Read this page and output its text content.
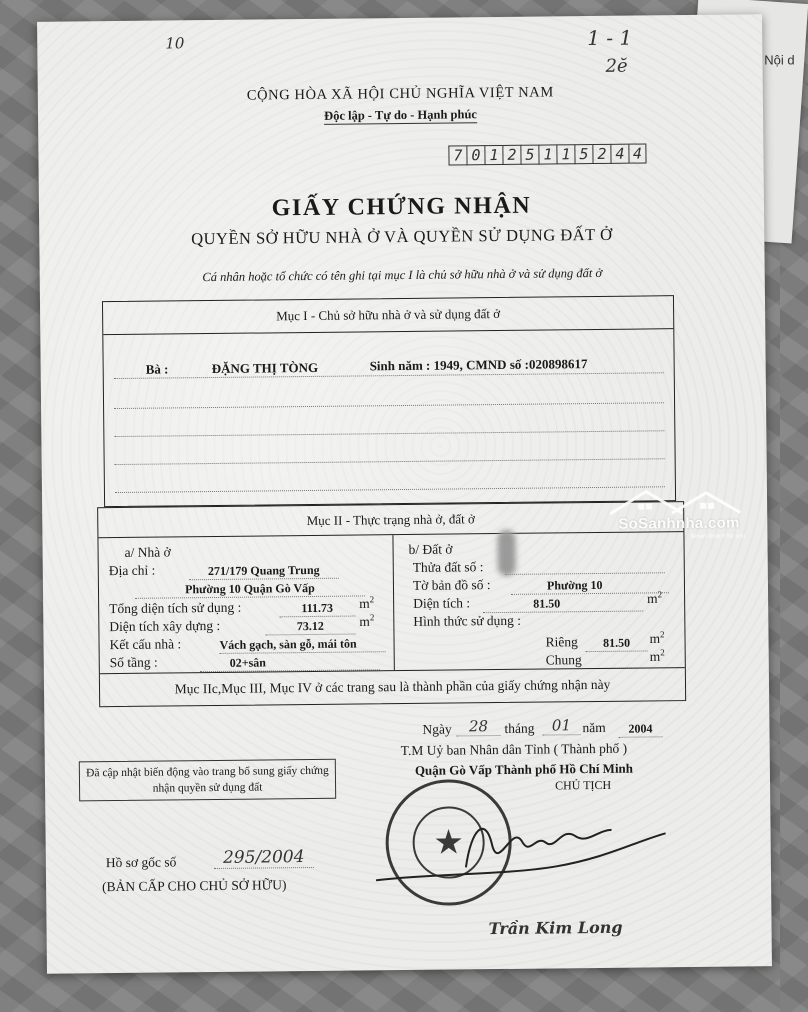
Nội d
10	1 - 1
2ĕ
CỘNG HÒA XÃ HỘI CHỦ NGHĨA VIỆT NAM
Độc lập - Tự do - Hạnh phúc
7 0 1 2 5 1 1 5 2 4 4
GIẤY CHỨNG NHẬN
QUYỀN SỞ HỮU NHÀ Ở VÀ QUYỀN SỬ DỤNG ĐẤT Ở
Cá nhân hoặc tổ chức có tên ghi tại mục I là chủ sở hữu nhà ở và sử dụng đất ở
Mục I - Chủ sở hữu nhà ở và sử dụng đất ở
Bà :	ĐẶNG THỊ TÒNG	Sinh năm : 1949, CMND số :020898617
Mục II - Thực trạng nhà ở, đất ở
a/ Nhà ở
Địa chỉ :	271/179 Quang Trung
Phường 10 Quận Gò Vấp
Tổng diện tích sử dụng :	111.73	$m^2$
Diện tích xây dựng :	73.12	$m^2$
Kết cấu nhà :	Vách gạch, sàn gỗ, mái tôn
Số tầng :	02+sân
b/ Đất ở
Thửa đất số :
Tờ bản đồ số :	Phường 10
Diện tích :	81.50	$m^2$
Hình thức sử dụng :
Riêng	81.50	$m^2$
Chung	$m^2$
Mục IIc,Mục III, Mục IV ở các trang sau là thành phần của giấy chứng nhận này
Ngày	28	tháng	01 năm	2004
T.M Uỷ ban Nhân dân Tỉnh ( Thành phố )
Quận Gò Vấp Thành phố Hồ Chí Minh
CHỦ TỊCH
Đã cập nhật biến động vào trang bổ sung giấy chứng nhận quyền sử dụng đất
★
Hồ sơ gốc số	295/2004
(BẢN CẤP CHO CHỦ SỞ HỮU)
Trần Kim Long
SoSanhnha.com
Smart choice for you
